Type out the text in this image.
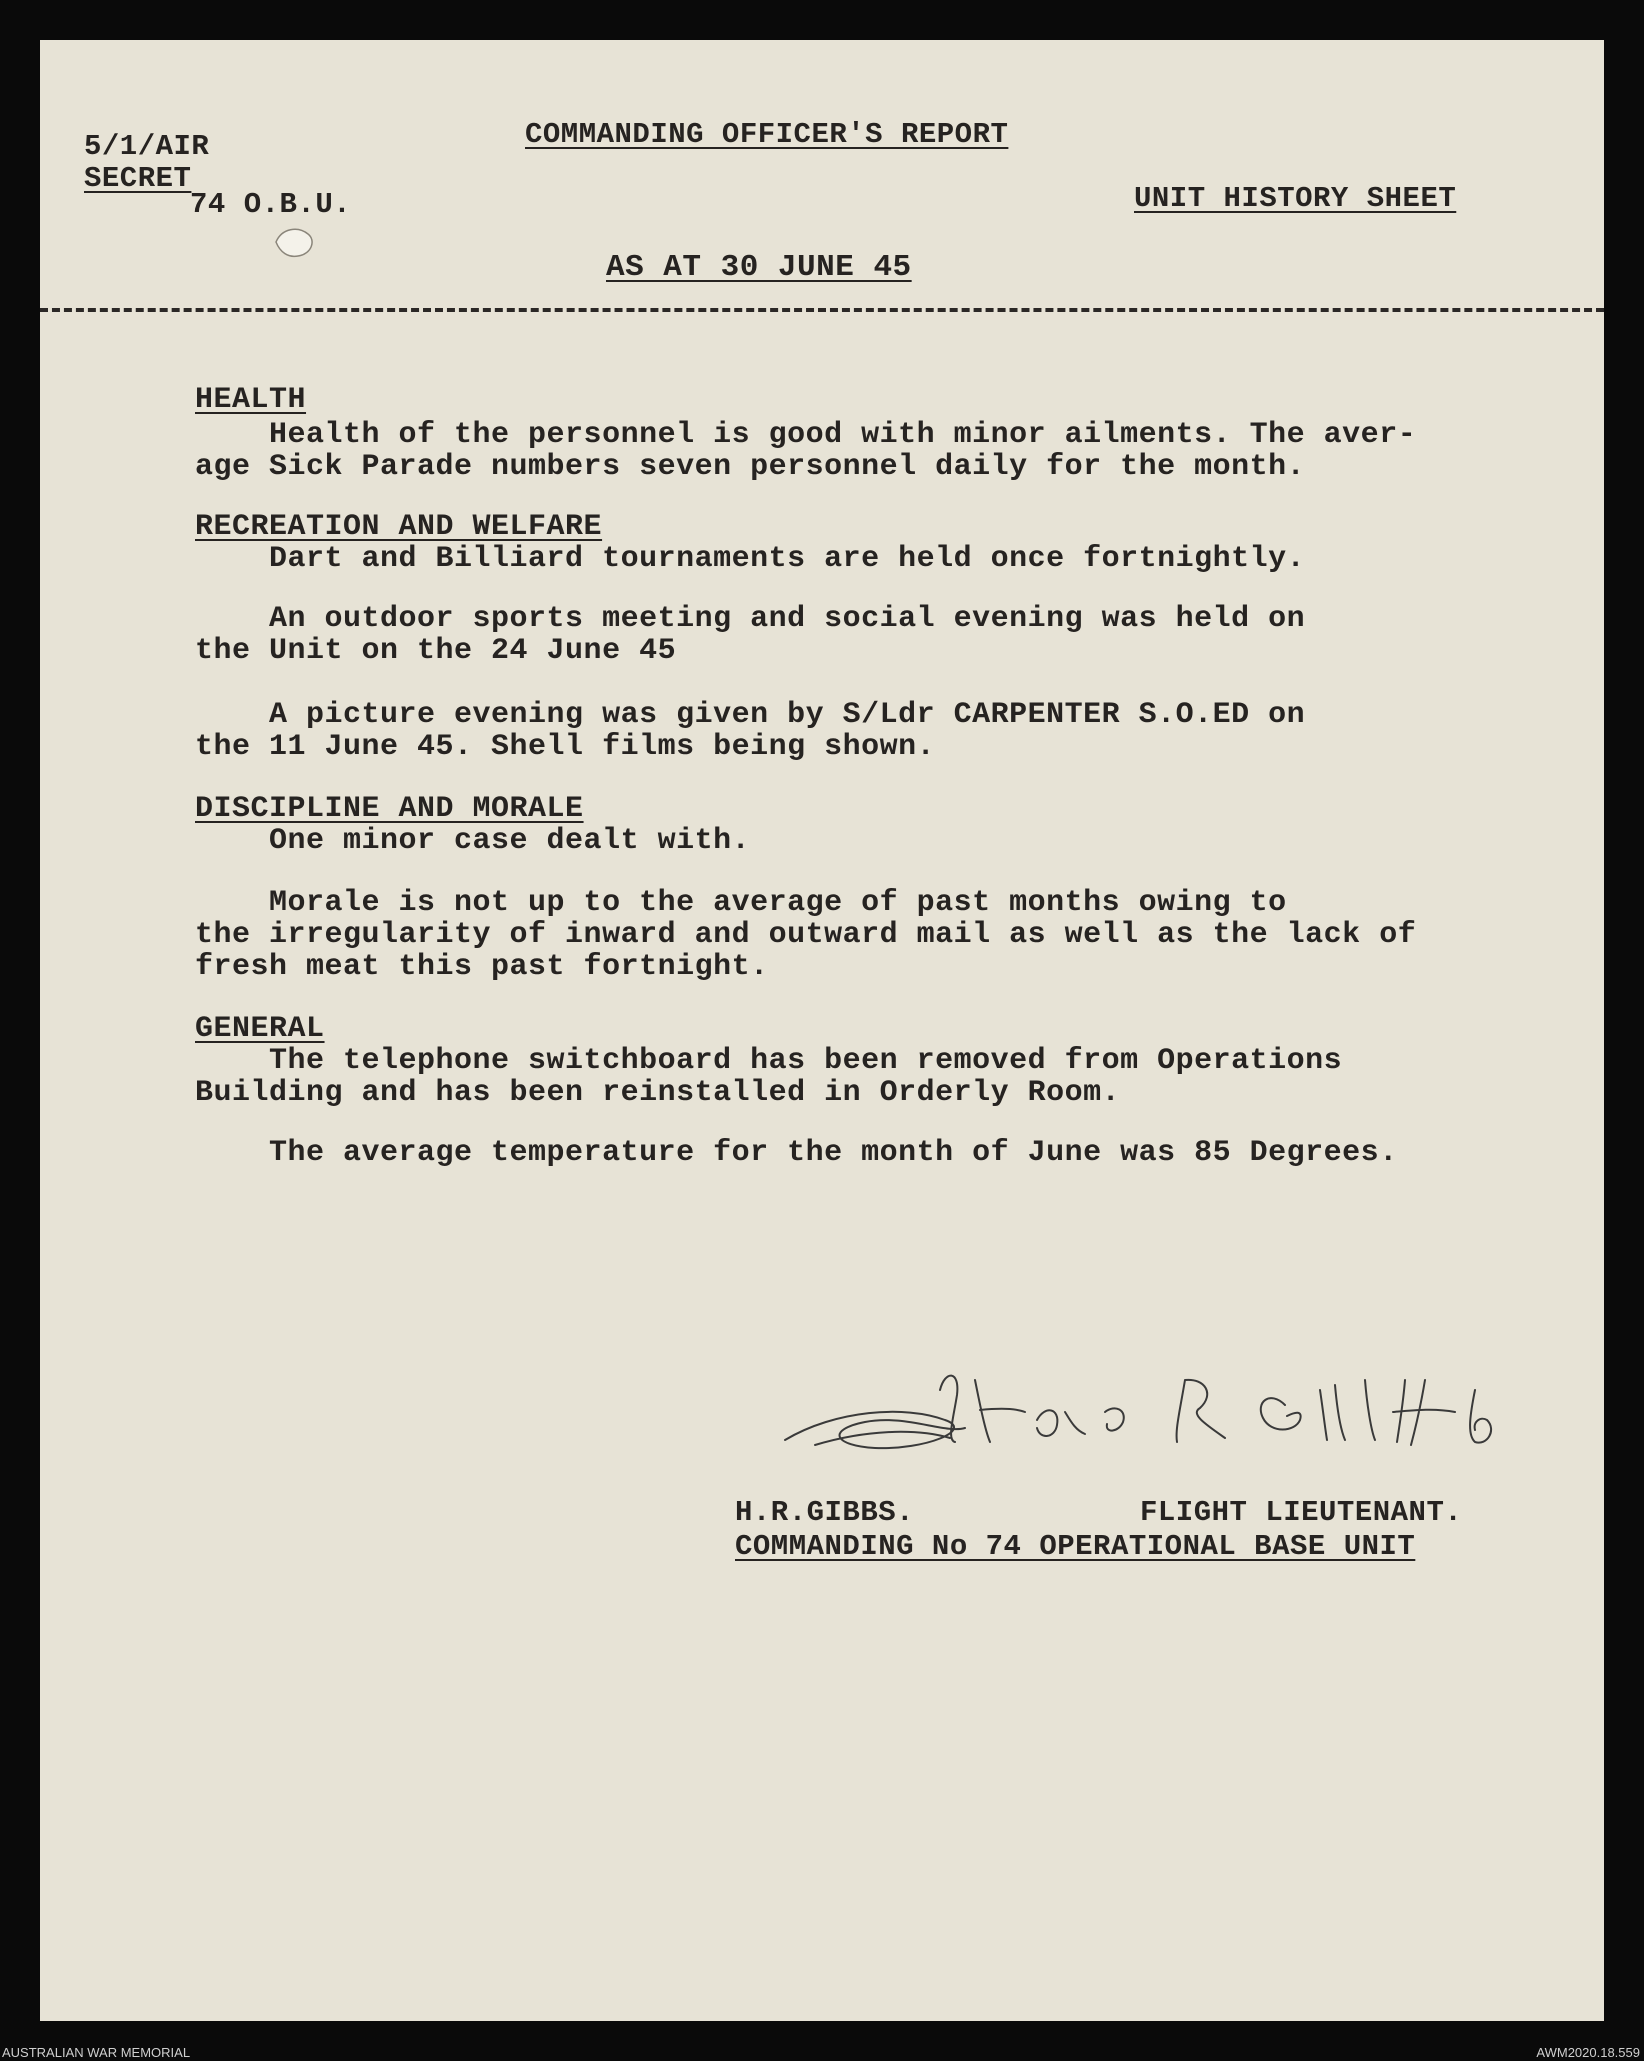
5/1/AIR
SECRET
74 O.B.U.
COMMANDING OFFICER'S REPORT
UNIT HISTORY SHEET
AS AT 30 JUNE 45
HEALTH
Health of the personnel is good with minor ailments. The aver-
age Sick Parade numbers seven personnel daily for the month.
RECREATION AND WELFARE
Dart and Billiard tournaments are held once fortnightly.
An outdoor sports meeting and social evening was held on
the Unit on the 24 June 45
A picture evening was given by S/Ldr CARPENTER S.O.ED on
the 11 June 45. Shell films being shown.
DISCIPLINE AND MORALE
One minor case dealt with.
Morale is not up to the average of past months owing to
the irregularity of inward and outward mail as well as the lack of
fresh meat this past fortnight.
GENERAL
The telephone switchboard has been removed from Operations
Building and has been reinstalled in Orderly Room.
The average temperature for the month of June was 85 Degrees.
H.R.GIBBS.	FLIGHT LIEUTENANT.
COMMANDING No 74 OPERATIONAL BASE UNIT
AUSTRALIAN WAR MEMORIAL	AWM2020.18.559
